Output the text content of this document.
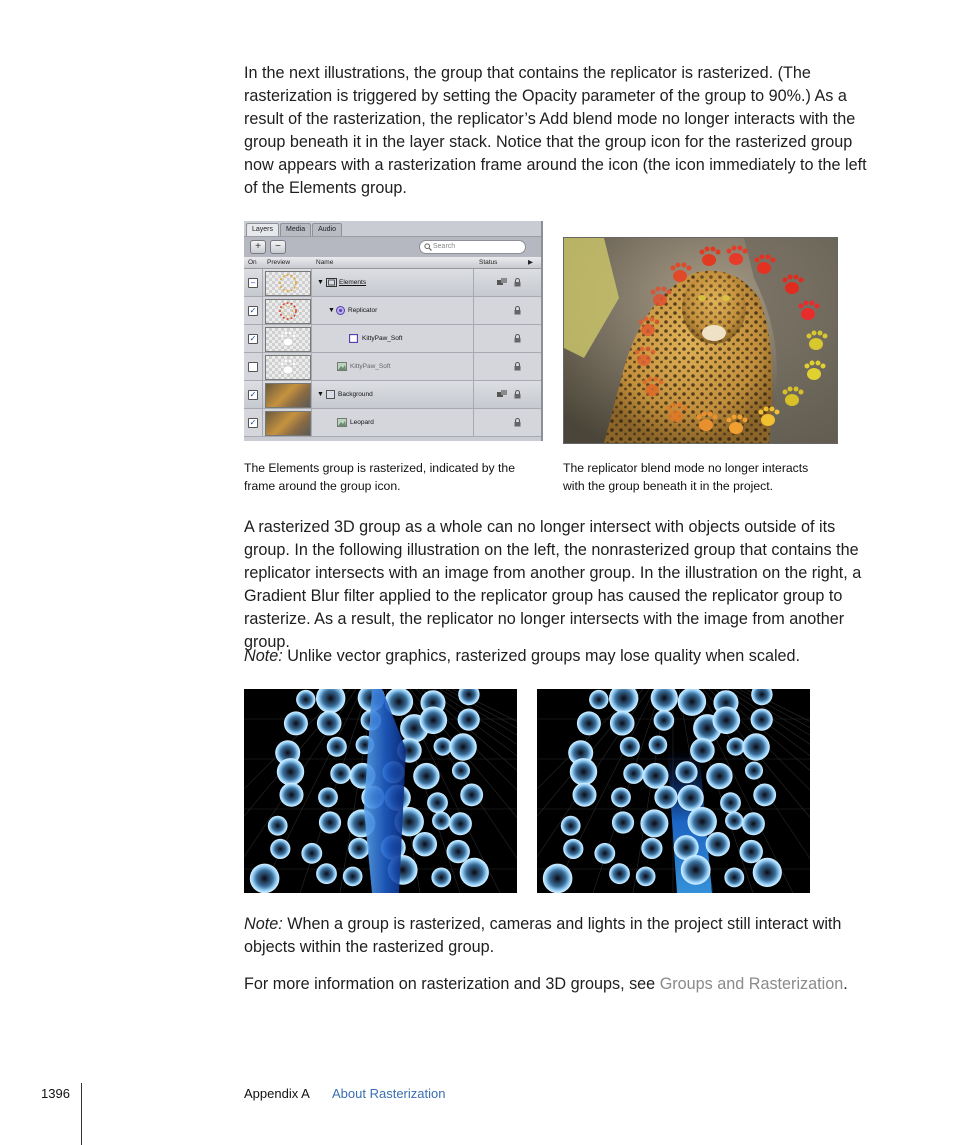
In the next illustrations, the group that contains the replicator is rasterized. (The rasterization is triggered by setting the Opacity parameter of the group to 90%.) As a result of the rasterization, the replicator’s Add blend mode no longer interacts with the group beneath it in the layer stack. Notice that the group icon for the rasterized group now appears with a rasterization frame around the icon (the icon immediately to the left of the Elements group.

Layers	Media	Audio
+	−	Search
On Preview	Name	Status	▶
–	▼ Elements
✓	▼ Replicator
✓	KittyPaw_Soft
KittyPaw_Soft
✓	▼ Background
✓	Leopard

The Elements group is rasterized, indicated by the frame around the group icon.

The replicator blend mode no longer interacts with the group beneath it in the project.

A rasterized 3D group as a whole can no longer intersect with objects outside of its group. In the following illustration on the left, the nonrasterized group that contains the replicator intersects with an image from another group. In the illustration on the right, a Gradient Blur filter applied to the replicator group has caused the replicator group to rasterize. As a result, the replicator no longer intersects with the image from another group.

Note: Unlike vector graphics, rasterized groups may lose quality when scaled.

Note: When a group is rasterized, cameras and lights in the project still interact with objects within the rasterized group.

For more information on rasterization and 3D groups, see Groups and Rasterization.

1396	Appendix A About Rasterization
